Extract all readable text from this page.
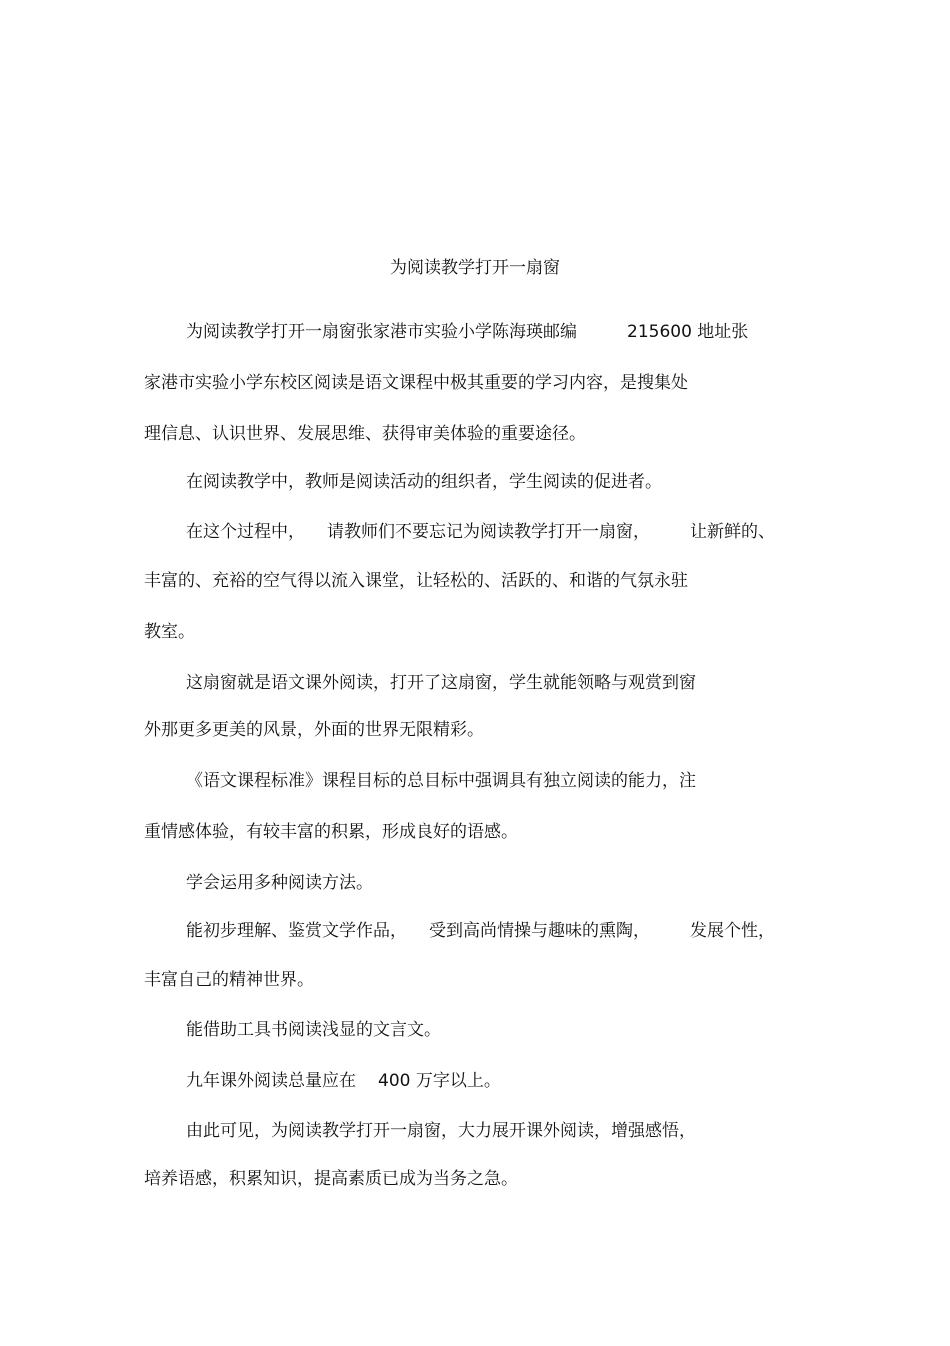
为阅读教学打开一扇窗

为阅读教学打开一扇窗张家港市实验小学陈海瑛邮编	215600 地址张

家港市实验小学东校区阅读是语文课程中极其重要的学习内容，是搜集处

理信息、认识世界、发展思维、获得审美体验的重要途径。

在阅读教学中，教师是阅读活动的组织者，学生阅读的促进者。

在这个过程中， 请教师们不要忘记为阅读教学打开一扇窗， 让新鲜的、

丰富的、充裕的空气得以流入课堂，让轻松的、活跃的、和谐的气氛永驻

教室。

这扇窗就是语文课外阅读，打开了这扇窗，学生就能领略与观赏到窗

外那更多更美的风景，外面的世界无限精彩。

《语文课程标准》课程目标的总目标中强调具有独立阅读的能力，注

重情感体验，有较丰富的积累，形成良好的语感。

学会运用多种阅读方法。

能初步理解、鉴赏文学作品， 受到高尚情操与趣味的熏陶， 发展个性，

丰富自己的精神世界。

能借助工具书阅读浅显的文言文。

九年课外阅读总量应在 400 万字以上。

由此可见，为阅读教学打开一扇窗，大力展开课外阅读，增强感悟，

培养语感，积累知识，提高素质已成为当务之急。
